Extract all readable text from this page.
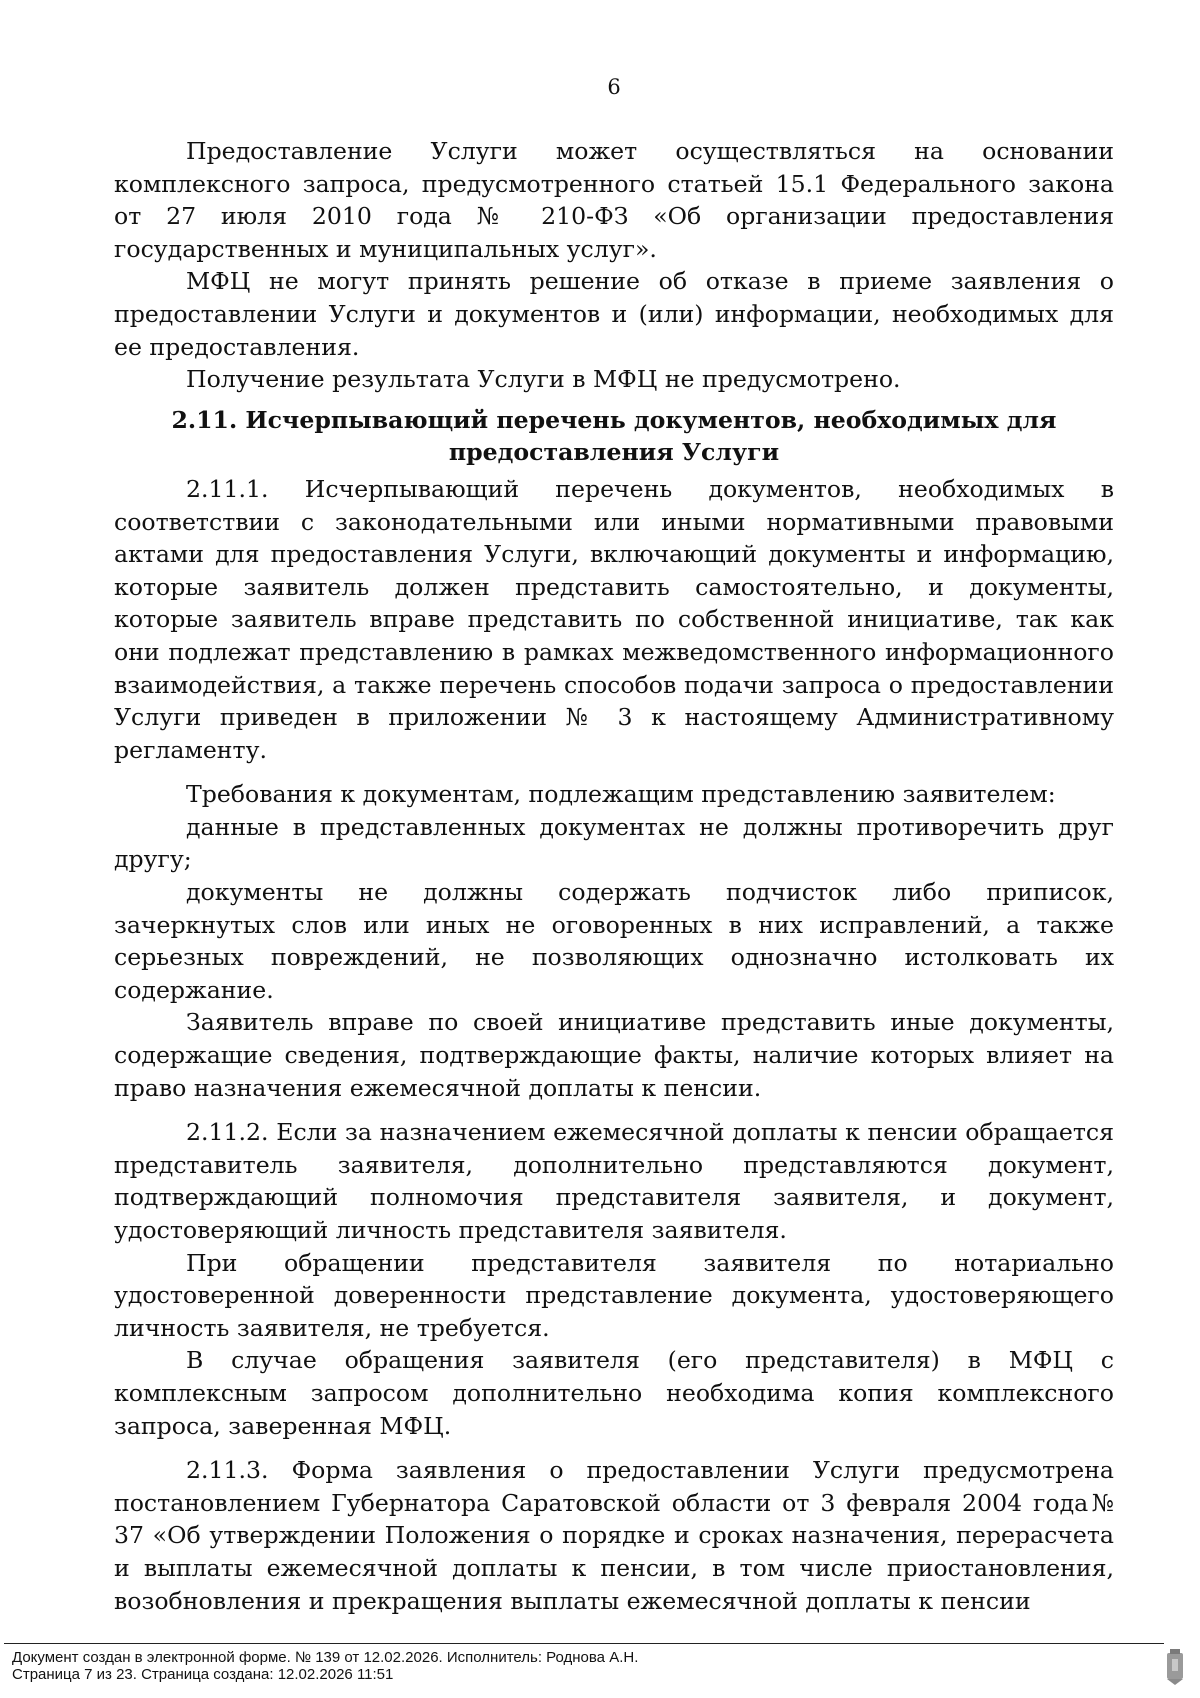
6

Предоставление Услуги может осуществляться на основании комплексного запроса, предусмотренного статьей 15.1 Федерального закона от 27 июля 2010 года № 210-ФЗ «Об организации предоставления государственных и муниципальных услуг».

МФЦ не могут принять решение об отказе в приеме заявления о предоставлении Услуги и документов и (или) информации, необходимых для ее предоставления.

Получение результата Услуги в МФЦ не предусмотрено.

2.11. Исчерпывающий перечень документов, необходимых для предоставления Услуги

2.11.1. Исчерпывающий перечень документов, необходимых в соответствии с законодательными или иными нормативными правовыми актами для предоставления Услуги, включающий документы и информацию, которые заявитель должен представить самостоятельно, и документы, которые заявитель вправе представить по собственной инициативе, так как они подлежат представлению в рамках межведомственного информационного взаимодействия, а также перечень способов подачи запроса о предоставлении Услуги приведен в приложении № 3 к настоящему Административному регламенту.

Требования к документам, подлежащим представлению заявителем:

данные в представленных документах не должны противоречить друг другу;

документы не должны содержать подчисток либо приписок, зачеркнутых слов или иных не оговоренных в них исправлений, а также серьезных повреждений, не позволяющих однозначно истолковать их содержание.

Заявитель вправе по своей инициативе представить иные документы, содержащие сведения, подтверждающие факты, наличие которых влияет на право назначения ежемесячной доплаты к пенсии.

2.11.2. Если за назначением ежемесячной доплаты к пенсии обращается представитель заявителя, дополнительно представляются документ, подтверждающий полномочия представителя заявителя, и документ, удостоверяющий личность представителя заявителя.

При обращении представителя заявителя по нотариально удостоверенной доверенности представление документа, удостоверяющего личность заявителя, не требуется.

В случае обращения заявителя (его представителя) в МФЦ с комплексным запросом дополнительно необходима копия комплексного запроса, заверенная МФЦ.

2.11.3. Форма заявления о предоставлении Услуги предусмотрена постановлением Губернатора Саратовской области от 3 февраля 2004 года№ 37 «Об утверждении Положения о порядке и сроках назначения, перерасчета и выплаты ежемесячной доплаты к пенсии, в том числе приостановления, возобновления и прекращения выплаты ежемесячной доплаты к пенсии

Документ создан в электронной форме. № 139 от 12.02.2026. Исполнитель: Роднова А.Н.
Страница 7 из 23. Страница создана: 12.02.2026 11:51
